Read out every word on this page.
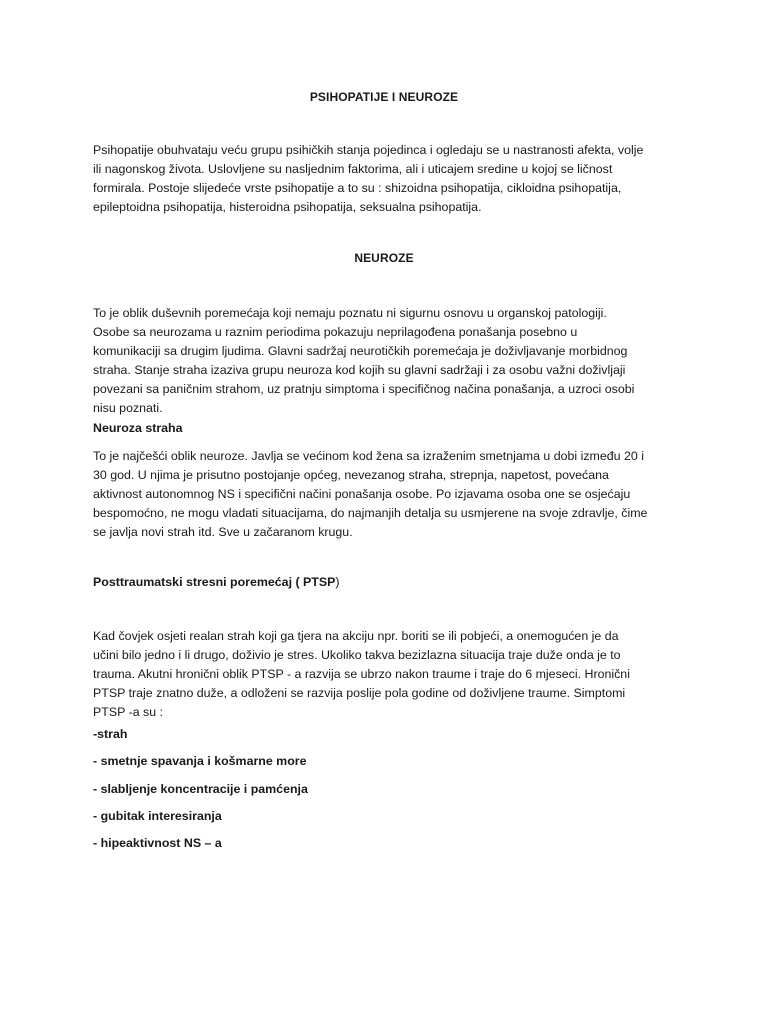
PSIHOPATIJE I NEUROZE
Psihopatije obuhvataju veću grupu psihičkih stanja pojedinca i ogledaju se u nastranosti afekta, volje
ili nagonskog života. Uslovljene su nasljednim faktorima, ali i uticajem sredine u kojoj se ličnost
formirala. Postoje slijedeće vrste psihopatije a to su : shizoidna psihopatija, cikloidna psihopatija,
epileptoidna psihopatija, histeroidna psihopatija, seksualna psihopatija.
NEUROZE
To je oblik duševnih poremećaja koji nemaju poznatu ni sigurnu osnovu u organskoj patologiji.
Osobe sa neurozama u raznim periodima pokazuju neprilagođena ponašanja posebno u
komunikaciji sa drugim ljudima. Glavni sadržaj neurotičkih poremećaja je doživljavanje morbidnog
straha. Stanje straha izaziva grupu neuroza kod kojih su glavni sadržaji i za osobu važni doživljaji
povezani sa paničnim strahom, uz pratnju simptoma i specifičnog načina ponašanja, a uzroci osobi
nisu poznati.
Neuroza straha
To je najčešći oblik neuroze. Javlja se većinom kod žena sa izraženim smetnjama u dobi između 20 i
30 god. U njima je prisutno postojanje općeg, nevezanog straha, strepnja, napetost, povećana
aktivnost autonomnog NS i specifični načini ponašanja osobe. Po izjavama osoba one se osjećaju
bespomoćno, ne mogu vladati situacijama, do najmanjih detalja su usmjerene na svoje zdravlje, čime
se javlja novi strah itd. Sve u začaranom krugu.
Posttraumatski stresni poremećaj ( PTSP)
Kad čovjek osjeti realan strah koji ga tjera na akciju npr. boriti se ili pobjeći, a onemogućen je da
učini bilo jedno i li drugo, doživio je stres. Ukoliko takva bezizlazna situacija traje duže onda je to
trauma. Akutni hronični oblik PTSP - a razvija se ubrzo nakon traume i traje do 6 mjeseci. Hronični
PTSP traje znatno duže, a odloženi se razvija poslije pola godine od doživljene traume. Simptomi
PTSP -a su :
-strah
- smetnje spavanja i košmarne more
- slabljenje koncentracije i pamćenja
- gubitak interesiranja
- hipeaktivnost NS – a
